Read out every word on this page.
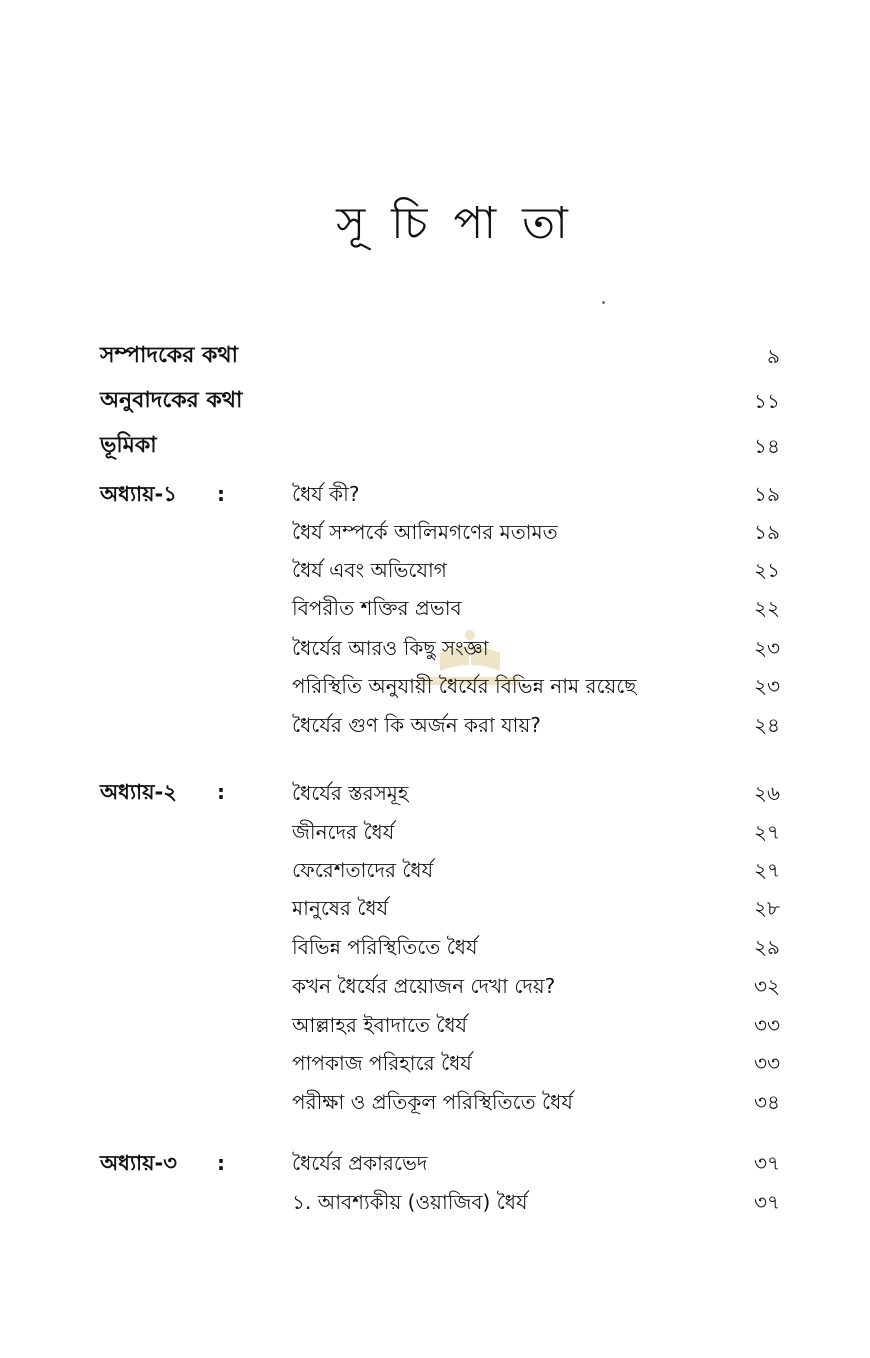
সূ চি পা তা
সম্পাদকের কথা	৯
অনুবাদকের কথা	১১
ভূমিকা	১৪
অধ্যায়-১ :	ধৈর্য কী?	১৯
ধৈর্য সম্পর্কে আলিমগণের মতামত	১৯
ধৈর্য এবং অভিযোগ	২১
বিপরীত শক্তির প্রভাব	২২
ধৈর্যের আরও কিছু সংজ্ঞা	২৩
পরিস্থিতি অনুযায়ী ধৈর্যের বিভিন্ন নাম রয়েছে	২৩
ধৈর্যের গুণ কি অর্জন করা যায়?	২৪
অধ্যায়-২ :	ধৈর্যের স্তরসমূহ	২৬
জীনদের ধৈর্য	২৭
ফেরেশতাদের ধৈর্য	২৭
মানুষের ধৈর্য	২৮
বিভিন্ন পরিস্থিতিতে ধৈর্য	২৯
কখন ধৈর্যের প্রয়োজন দেখা দেয়?	৩২
আল্লাহর ইবাদাতে ধৈর্য	৩৩
পাপকাজ পরিহারে ধৈর্য	৩৩
পরীক্ষা ও প্রতিকূল পরিস্থিতিতে ধৈর্য	৩৪
অধ্যায়-৩ :	ধৈর্যের প্রকারভেদ	৩৭
১. আবশ্যকীয় (ওয়াজিব) ধৈর্য	৩৭
